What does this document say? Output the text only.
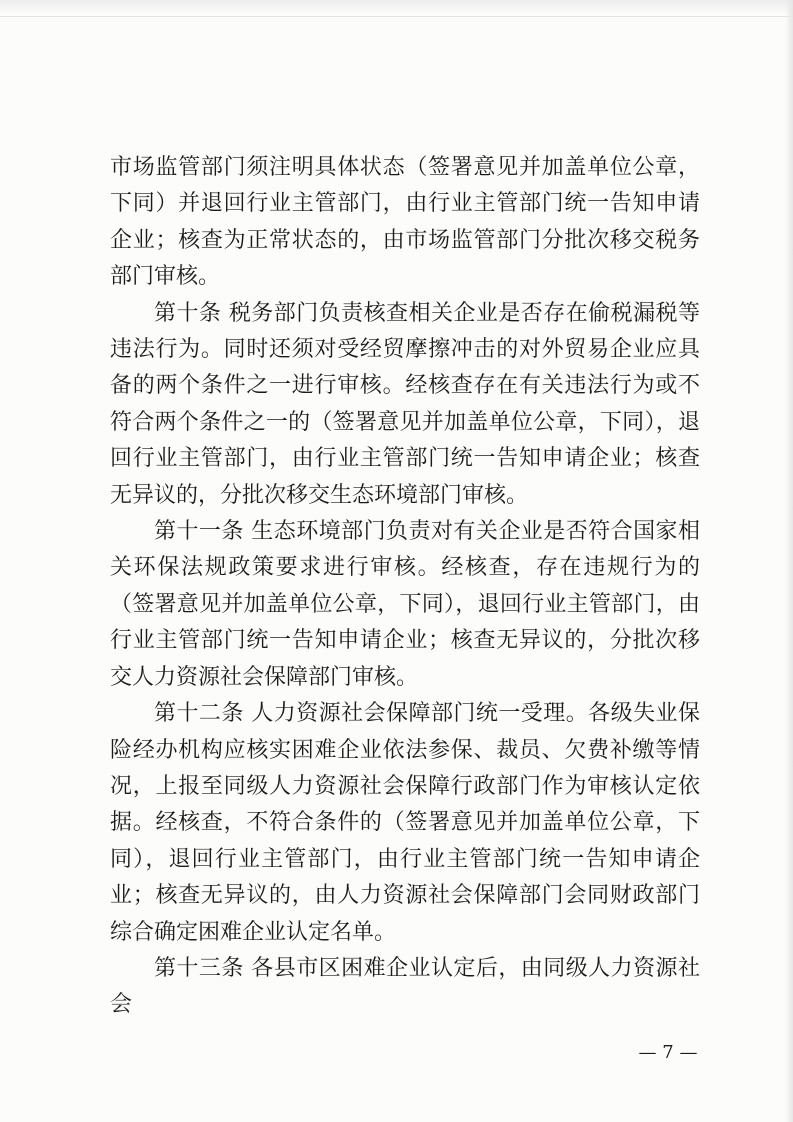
市场监管部门须注明具体状态（签署意见并加盖单位公章，下同）并退回行业主管部门，由行业主管部门统一告知申请企业；核查为正常状态的，由市场监管部门分批次移交税务部门审核。

第十条 税务部门负责核查相关企业是否存在偷税漏税等违法行为。同时还须对受经贸摩擦冲击的对外贸易企业应具备的两个条件之一进行审核。经核查存在有关违法行为或不符合两个条件之一的（签署意见并加盖单位公章，下同），退回行业主管部门，由行业主管部门统一告知申请企业；核查无异议的，分批次移交生态环境部门审核。

第十一条 生态环境部门负责对有关企业是否符合国家相关环保法规政策要求进行审核。经核查，存在违规行为的（签署意见并加盖单位公章，下同），退回行业主管部门，由行业主管部门统一告知申请企业；核查无异议的，分批次移交人力资源社会保障部门审核。

第十二条 人力资源社会保障部门统一受理。各级失业保险经办机构应核实困难企业依法参保、裁员、欠费补缴等情况，上报至同级人力资源社会保障行政部门作为审核认定依据。经核查，不符合条件的（签署意见并加盖单位公章，下同），退回行业主管部门，由行业主管部门统一告知申请企业；核查无异议的，由人力资源社会保障部门会同财政部门综合确定困难企业认定名单。

第十三条 各县市区困难企业认定后，由同级人力资源社会

— 7 —
